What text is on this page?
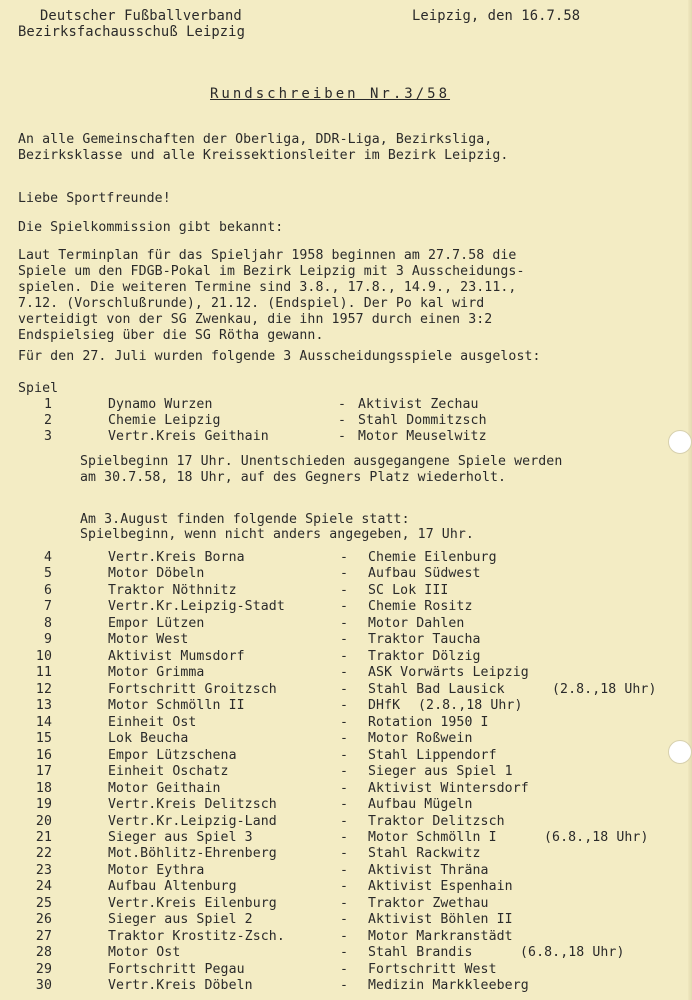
Deutscher Fußballverband
Bezirksfachausschuß Leipzig
Leipzig, den 16.7.58
Rundschreiben Nr.3/58
An alle Gemeinschaften der Oberliga, DDR-Liga, Bezirksliga,
Bezirksklasse und alle Kreissektionsleiter im Bezirk Leipzig.
Liebe Sportfreunde!
Die Spielkommission gibt bekannt:
Laut Terminplan für das Spieljahr 1958 beginnen am 27.7.58 die
Spiele um den FDGB-Pokal im Bezirk Leipzig mit 3 Ausscheidungs-
spielen. Die weiteren Termine sind 3.8., 17.8., 14.9., 23.11.,
7.12. (Vorschlußrunde), 21.12. (Endspiel). Der Po kal wird
verteidigt von der SG Zwenkau, die ihn 1957 durch einen 3:2
Endspielsieg über die SG Rötha gewann.
Für den 27. Juli wurden folgende 3 Ausscheidungsspiele ausgelost:
Spiel
1	Dynamo Wurzen	- Aktivist Zechau
2	Chemie Leipzig	- Stahl Dommitzsch
3	Vertr.Kreis Geithain	- Motor Meuselwitz
Spielbeginn 17 Uhr. Unentschieden ausgegangene Spiele werden
am 30.7.58, 18 Uhr, auf des Gegners Platz wiederholt.
Am 3.August finden folgende Spiele statt:
Spielbeginn, wenn nicht anders angegeben, 17 Uhr.
4	Vertr.Kreis Borna	- Chemie Eilenburg
5	Motor Döbeln	- Aufbau Südwest
6	Traktor Nöthnitz	- SC Lok III
7	Vertr.Kr.Leipzig-Stadt	- Chemie Rositz
8	Empor Lützen	- Motor Dahlen
9	Motor West	- Traktor Taucha
10	Aktivist Mumsdorf	- Traktor Dölzig
11	Motor Grimma	- ASK Vorwärts Leipzig
12	Fortschritt Groitzsch	- Stahl Bad Lausick	(2.8.,18 Uhr)
13	Motor Schmölln II	- DHfK (2.8.,18 Uhr)
14	Einheit Ost	- Rotation 1950 I
15	Lok Beucha	- Motor Roßwein
16	Empor Lützschena	- Stahl Lippendorf
17	Einheit Oschatz	- Sieger aus Spiel 1
18	Motor Geithain	- Aktivist Wintersdorf
19	Vertr.Kreis Delitzsch	- Aufbau Mügeln
20	Vertr.Kr.Leipzig-Land	- Traktor Delitzsch
21	Sieger aus Spiel 3	- Motor Schmölln I	(6.8.,18 Uhr)
22	Mot.Böhlitz-Ehrenberg	- Stahl Rackwitz
23	Motor Eythra	- Aktivist Thräna
24	Aufbau Altenburg	- Aktivist Espenhain
25	Vertr.Kreis Eilenburg	- Traktor Zwethau
26	Sieger aus Spiel 2	- Aktivist Böhlen II
27	Traktor Krostitz-Zsch.	- Motor Markranstädt
28	Motor Ost	- Stahl Brandis	(6.8.,18 Uhr)
29	Fortschritt Pegau	- Fortschritt West
30	Vertr.Kreis Döbeln	- Medizin Markkleeberg
